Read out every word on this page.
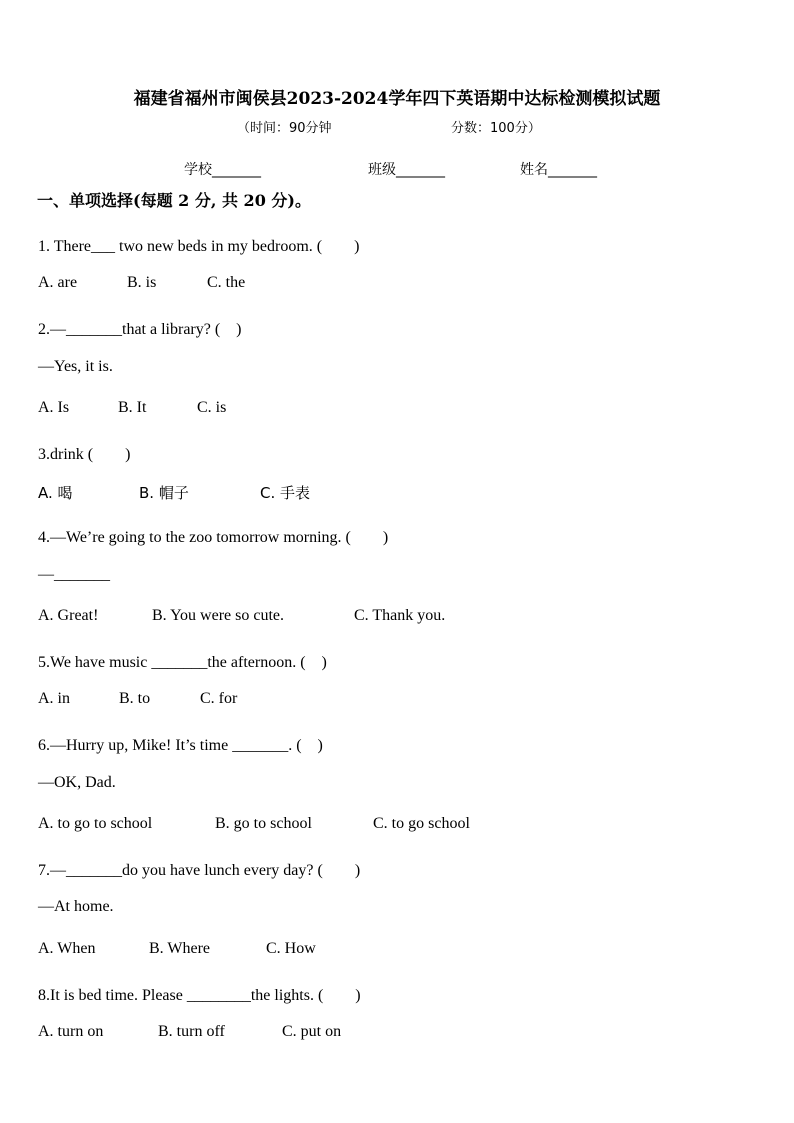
福建省福州市闽侯县2023-2024学年四下英语期中达标检测模拟试题
（时间：90分钟	分数：100分）
学校_______	班级_______	姓名_______
一、单项选择(每题 2 分, 共 20 分)。
1. There___ two new beds in my bedroom. (　　)
A. are	B. is	C. the
2.—_______that a library? (　)
—Yes, it is.
A. Is	B. It	C. is
3.drink (　　)
A. 喝	B. 帽子	C. 手表
4.—We’re going to the zoo tomorrow morning. (　　)
—_______
A. Great!	B. You were so cute.	C. Thank you.
5.We have music _______the afternoon. (　)
A. in	B. to	C. for
6.—Hurry up, Mike! It’s time _______. (　)
—OK, Dad.
A. to go to school	B. go to school	C. to go school
7.—_______do you have lunch every day? (　　)
—At home.
A. When	B. Where	C. How
8.It is bed time. Please ________the lights. (　　)
A. turn on	B. turn off	C. put on
